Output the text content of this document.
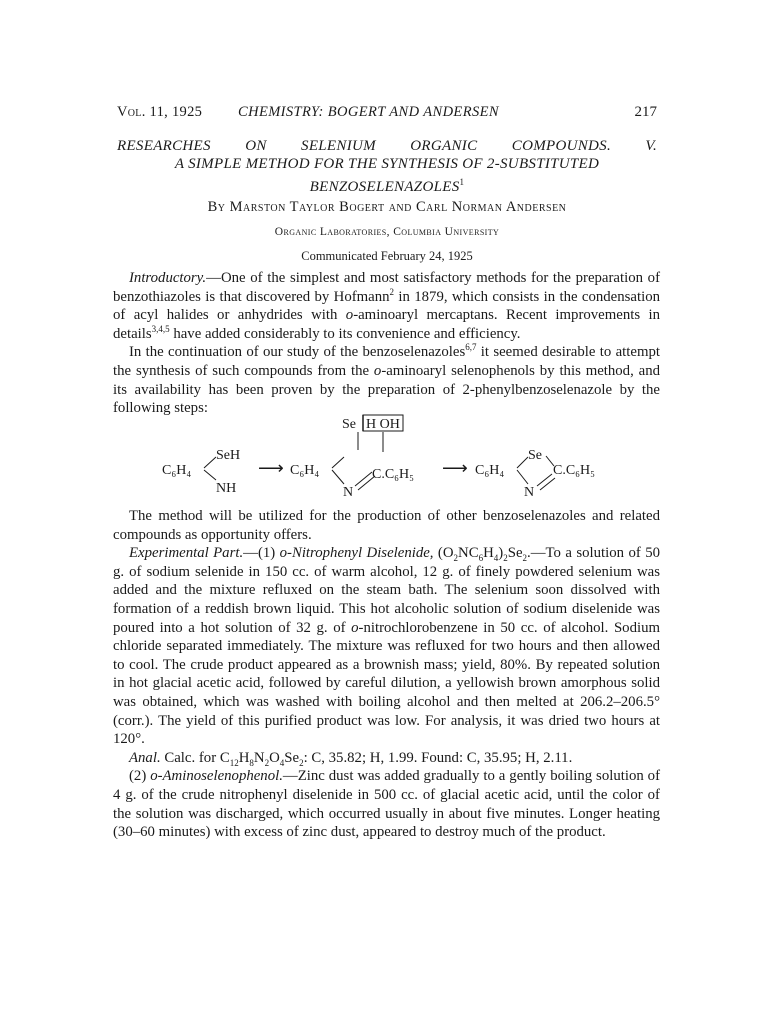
Vol. 11, 1925 CHEMISTRY: BOGERT AND ANDERSEN	217
RESEARCHES ON SELENIUM ORGANIC COMPOUNDS. V.
A SIMPLE METHOD FOR THE SYNTHESIS OF 2-SUBSTITUTED
BENZOSELENAZOLES$^1$
By Marston Taylor Bogert and Carl Norman Andersen
Organic Laboratories, Columbia University
Communicated February 24, 1925

Introductory.—One of the simplest and most satisfactory methods for the preparation of benzothiazoles is that discovered by Hofmann$^2$ in 1879, which consists in the condensation of acyl halides or anhydrides with o-aminoaryl mercaptans. Recent improvements in details$^{3,4,5}$ have added considerably to its convenience and efficiency.

In the continuation of our study of the benzoselenazoles$^{6,7}$ it seemed desirable to attempt the synthesis of such compounds from the o-aminoaryl selenophenols by this method, and its availability has been proven by the preparation of 2-phenylbenzoselenazole by the following steps:

C₆H₄
SeH
NH
⟶ C₆H₄
Se H OH
N
C.C₆H₅ ⟶ C₆H₄
Se
N
C.C₆H₅

The method will be utilized for the production of other benzoselenazoles and related compounds as opportunity offers.

Experimental Part.—(1) o-Nitrophenyl Diselenide, $(O_2NC_6H_4)_2Se_2.—To$ a solution of 50 g. of sodium selenide in 150 cc. of warm alcohol, 12 g. of finely powdered selenium was added and the mixture refluxed on the steam bath. The selenium soon dissolved with formation of a reddish brown liquid. This hot alcoholic solution of sodium diselenide was poured into a hot solution of 32 g. of o-nitrochlorobenzene in 50 cc. of alcohol. Sodium chloride separated immediately. The mixture was refluxed for two hours and then allowed to cool. The crude product appeared as a brownish mass; yield, 80%. By repeated solution in hot glacial acetic acid, followed by careful dilution, a yellowish brown amorphous solid was obtained, which was washed with boiling alcohol and then melted at 206.2–206.5° (corr.). The yield of this purified product was low. For analysis, it was dried two hours at 120°.

Anal. Calc. for $C_{12}H_8N_2O_4Se_2$: C, 35.82; H, 1.99. Found: C, 35.95; H, 2.11.

(2) o-Aminoselenophenol.—Zinc dust was added gradually to a gently boiling solution of 4 g. of the crude nitrophenyl diselenide in 500 cc. of glacial acetic acid, until the color of the solution was discharged, which occurred usually in about five minutes. Longer heating (30–60 minutes) with excess of zinc dust, appeared to destroy much of the product.
